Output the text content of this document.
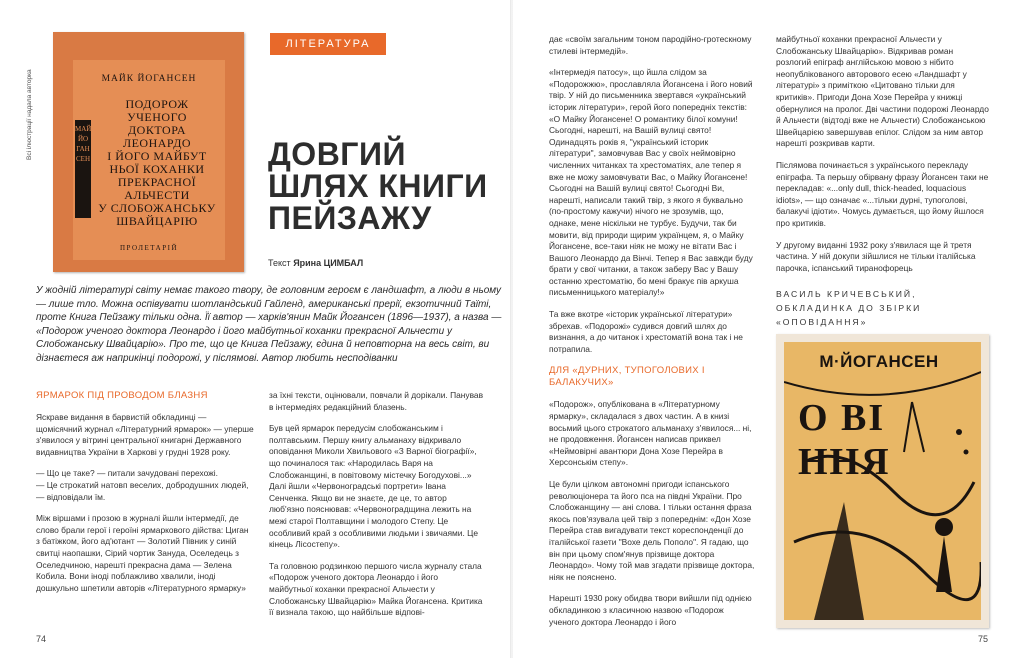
Всі ілюстрації надала авторка	МАЙК ЙОГАНСЕН
МАЙК ЙО ГАН СЕН
ПОДОРОЖ
УЧЕНОГО
ДОКТОРА
ЛЕОНАРДО
І ЙОГО МАЙБУТ
НЬОЇ КОХАНКИ
ПРЕКРАСНОЇ
АЛЬЧЕСТИ
У СЛОБОЖАНСЬКУ
ШВАЙЦАРІЮ
ПРОЛЕТАРІЙ
ЛІТЕРАТУРА
ДОВГИЙ
ШЛЯХ КНИГИ
ПЕЙЗАЖУ
Текст Ярина ЦИМБАЛ

У жодній літературі світу немає такого твору, де головним героєм є ландшафт, а люди в ньому — лише тло. Можна оспівувати шотландський Гайленд, американські прерії, екзотичний Таїті, проте Книга Пейзажу тільки одна. Її автор — харків'янин Майк Йогансен (1896—1937), а назва — «Подорож ученого доктора Леонардо і його майбутньої коханки прекрасної Альчести у Слобожанську Швайцарію». Про те, що це Книга Пейзажу, єдина й неповторна на весь світ, ви дізнаєтеся аж наприкінці подорожі, у післямові. Автор любить несподіванки

ЯРМАРОК ПІД ПРОВОДОМ БЛАЗНЯ

Яскраве видання в барвистій обкладинці — щомісячний журнал «Літературний ярмарок» — уперше з'явилося у вітрині центральної книгарні Державного видавництва України в Харкові у грудні 1928 року.

— Що це таке? — питали зачудовані перехожі.
— Це строкатий натовп веселих, добродушних людей, — відповідали їм.

Між віршами і прозою в журналі йшли інтермедії, де слово брали герої і героїні ярмаркового дійства: Циган з батіжком, його ад'ютант — Золотий Півник у синій свитці наопашки, Сірий чортик Зануда, Оселедець з Оселедчиною, нарешті прекрасна дама — Зелена Кобила. Вони іноді поблажливо хвалили, іноді дошкульно шпетили авторів «Літературного ярмарку»

за їхні тексти, оцінювали, повчали й дорікали. Панував в інтермедіях редакційний блазень.

Був цей ярмарок передусім слобожанським і полтавським. Першу книгу альманаху відкривало оповідання Миколи Хвильового «З Варної біографії», що починалося так: «Народилась Варя на Слобожанщині, в повітовому містечку Богодухові...» Далі йшли «Червоноградські портрети» Івана Сенченка. Якщо ви не знаєте, де це, то автор люб'язно пояснював: «Червоноградщина лежить на межі старої Полтавщини і молодого Степу. Це особливий край з особливими людьми і звичаями. Це кінець Лісостепу».

Та головною родзинкою першого числа журналу стала «Подорож ученого доктора Леонардо і його майбутньої коханки прекрасної Альчести у Слобожанську Швайцарію» Майка Йогансена. Критика її визнала такою, що найбільше відпові-

74

дає «своїм загальним тоном пародійно-гротескному стилеві інтермедій».

«Інтермедія патосу», що йшла слідом за «Подорожжю», прославляла Йогансена і його новий твір. У ній до письменника звертався «український історик літератури», герой його попередніх текстів: «О Майку Йогансене! О романтику білої комуни! Сьогодні, нарешті, на Вашій вулиці свято! Одинадцять років я, "український історик літератури", замовчував Вас у своїх неймовірно численних читанках та хрестоматіях, але тепер я вже не можу замовчувати Вас, о Майку Йогансене! Сьогодні на Вашій вулиці свято! Сьогодні Ви, нарешті, написали такий твір, з якого я буквально (по-простому кажучи) нічого не зрозумів, що, однаке, мене ніскільки не турбує. Будучи, так би мовити, від природи щирим українцем, я, о Майку Йогансене, все-таки ніяк не можу не вітати Вас і Вашого Леонардо да Вінчі. Тепер я Вас завжди буду брати у свої читанки, а також заберу Вас у Вашу останню хрестоматію, бо мені бракує пів аркуша письменницького матеріалу!»

Та вже вкотре «історик української літератури» збрехав. «Подорожі» судився довгий шлях до визнання, а до читанок і хрестоматій вона так і не потрапила.

ДЛЯ «ДУРНИХ, ТУПОГОЛОВИХ І БАЛАКУЧИХ»

«Подорож», опублікована в «Літературному ярмарку», складалася з двох частин. А в книзі восьмий цього строкатого альманаху з'явилося... ні, не продовження. Йогансен написав приквел «Неймовірні авантюри Дона Хозе Перейра в Херсонськім степу».

Це були цілком автономні пригоди іспанського революціонера та його пса на півдні України. Про Слобожанщину — ані слова. І тільки остання фраза якось пов'язувала цей твір з попереднім: «Дон Хозе Перейра став вигадувати текст кореспонденції до італійської газети "Вохе дель Пополо". Я гадаю, що він при цьому спом'янув прізвище доктора Леонардо». Чому той мав згадати прізвище доктора, ніяк не пояснено.

Нарешті 1930 року обидва твори вийшли під однією обкладинкою з класичною назвою «Подорож ученого доктора Леонардо і його

майбутньої коханки прекрасної Альчести у Слобожанську Швайцарію». Відкривав роман розлогий епіграф англійською мовою з нібито неопублікованого авторового есею «Ландшафт у літературі» з приміткою «Цитовано тільки для критиків». Пригоди Дона Хозе Перейра у книжці обернулися на пролог. Дві частини подорожі Леонардо й Альчести (відтоді вже не Альчести) Слобожанською Швейцарією завершував епілог. Слідом за ним автор нарешті розкривав карти.

Післямова починається з українського перекладу епіграфа. Та перьшу обірвану фразу Йогансен таки не перекладав: «...only dull, thick-headed, loquacious idiots», — що означає «...тільки дурні, тупоголові, балакучі ідіоти». Чомусь думається, що йому йшлося про критиків.

У другому виданні 1932 року з'явилася ще й третя частина. У ній докупи зійшлися не тільки італійська парочка, іспанський тиранофорець

ВАСИЛЬ КРИЧЕВСЬКИЙ, ОБКЛАДИНКА ДО ЗБІРКИ «ОПОВІДАННЯ»
М·ЙОГАНСЕН
О ВІ ННЯ
75
